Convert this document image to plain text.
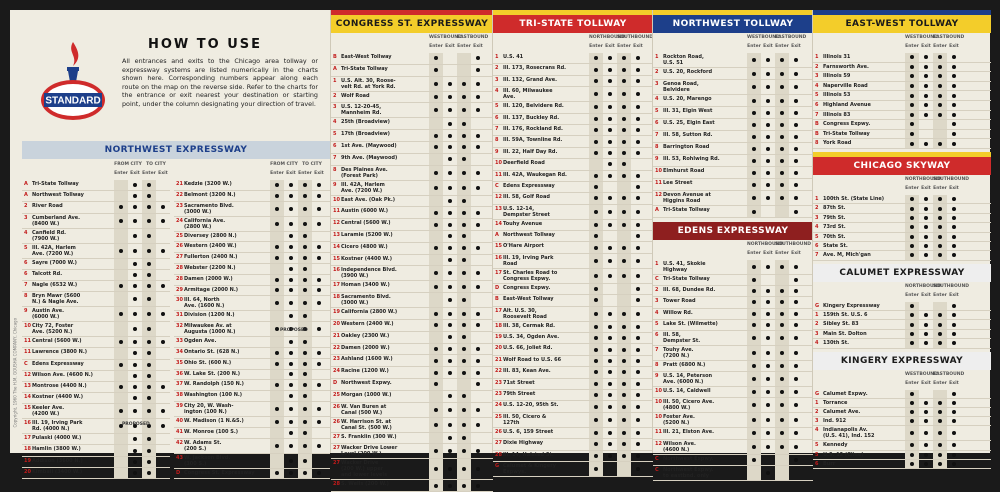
STANDARD
HOW TO USE
All entrances and exits to the Chicago area tollway or expressway systems are listed numerically in the charts shown here. Corresponding numbers appear along each route on the map on the reverse side. Refer to the charts for the entrance or exit nearest your destination or starting point, under the column designating your direction of travel.
Copyright, 1960 The H.M. GOUSHA COMPANY, Chicago
NORTHWEST EXPRESSWAY
FROM CITY TO CITY
Enter Exit Enter Exit
A Tri-State Tollway
A Northwest Tollway
2 River Road
3 Cumberland Ave.
(8400 W.)
4 Canfield Rd.
(7900 W.)
5 Ill. 42A, Harlem
Ave. (7200 W.)
6 Sayre (7000 W.)
6 Talcott Rd.
7 Nagle (6532 W.)
8 Bryn Mawr (5600
N.) & Nagle Ave.
9 Austin Ave.
(6000 W.)
10 City 72, Foster
Ave. (5200 N.)
11 Central (5600 W.)
11 Lawrence (3800 N.)
C Edens Expressway
12 Wilson Ave. (4600 N.)
13 Montrose (4400 N.)
14 Kostner (4400 W.)
15 Keeler Ave.
(4200 W.)
16 Ill. 19, Irving Park
Rd. (4000 N.)
17 Pulaski (4000 W.)
18 Hamlin (3800 W.)
19 Addison (3600 N.)
20 Kimball (3400 W.)
FROM CITY TO CITY
Enter Exit Enter Exit
21 Kedzie (3200 W.)
22 Belmont (3200 N.)
23 Sacramento Blvd.
(3000 W.)
24 California Ave.
(2800 W.)
25 Diversey (2800 N.)
26 Western (2400 W.)
27 Fullerton (2400 N.)
28 Webster (2200 N.)
28 Damen (2000 W.)
29 Armitage (2000 N.)
30 Ill. 64, North
Ave. (1600 N.)
31 Division (1200 N.)
32 Milwaukee Av. at
Augusta (1000 N.)
33 Ogden Ave.
34 Ontario St. (628 N.)
35 Ohio St. (600 N.)
36 W. Lake St. (200 N.)
37 W. Randolph (150 N.)
38 Washington (100 N.)
39 City 20, W. Wash-
ington (100 N.)
40 W. Madison (1 N.&S.)
41 W. Monroe (100 S.)
42 W. Adams St.
(200 S.)
43 W. Jackson Blvd.
(300 S.)
D Congress St. Expressway
PROPOSED
PROPOSED
CONGRESS ST. EXPRESSWAY
WESTBOUND
EASTBOUND
Enter Exit Enter Exit
B East-West Tollway
A Tri-State Tollway
1 U.S. Alt. 30, Roose-
velt Rd. at York Rd.
2 Wolf Road
3 U.S. 12-20-45,
Mannheim Rd.
4 25th (Broadview)
5 17th (Broadview)
6 1st Ave. (Maywood)
7 9th Ave. (Maywood)
8 Des Plaines Ave.
(Forest Park)
9 Ill. 42A, Harlem
Ave. (7200 W.)
10 East Ave. (Oak Pk.)
11 Austin (6000 W.)
12 Central (5600 W.)
13 Laramie (5200 W.)
14 Cicero (4800 W.)
15 Kostner (4400 W.)
16 Independence Blvd.
(3900 W.)
17 Homan (3400 W.)
18 Sacramento Blvd.
(3000 W.)
19 California (2800 W.)
20 Western (2400 W.)
21 Oakley (2300 W.)
22 Damen (2000 W.)
23 Ashland (1600 W.)
24 Racine (1200 W.)
D Northwest Expwy.
25 Morgan (1000 W.)
26 W. Van Buren at
Canal (500 W.)
26 W. Harrison St. at
Canal St. (500 W.)
27 S. Franklin (300 W.)
27 Wacker Drive Lower
Level (200 W.)
27 Wacker Drive
(200 W.) upper
and lower levels
28 S. Wells (200 W.)
TRI-STATE TOLLWAY
NORTHBOUND
SOUTHBOUND
Enter Exit Enter Exit
1 U.S. 41
2 Ill. 173, Rosecrans Rd.
3 Ill. 132, Grand Ave.
4 Ill. 60, Milwaukee
Ave.
5 Ill. 120, Belvidere Rd.
6 Ill. 137, Buckley Rd.
7 Ill. 176, Rockland Rd.
8 Ill. 59A, Townline Rd.
9 Ill. 22, Half Day Rd.
10 Deerfield Road
11 Ill. 42A, Waukegan Rd.
C Edens Expressway
12 Ill. 58, Golf Road
13 U.S. 12-14,
Dempster Street
14 Touhy Avenue
A Northwest Tollway
15 O'Hare Airport
16 Ill. 19, Irving Park
Road
17 St. Charles Road to
Congress Expwy.
D Congress Expwy.
B East-West Tollway
17 Alt. U.S. 30,
Roosevelt Road
18 Ill. 38, Cermak Rd.
19 U.S. 34, Ogden Ave.
20 U.S. 66, Joliet Rd.
21 Wolf Road to U.S. 66
22 Ill. 83, Kean Ave.
23 71st Street
23 79th Street
24 U.S. 12-20, 95th St.
25 Ill. 50, Cicero &
127th
26 U.S. 6, 159 Street
27 Dixie Highway
28 Ill. 14, Halsted St.
G Calumet & Kingery
Expwys.
NORTHWEST TOLLWAY
WESTBOUND
EASTBOUND
Enter Exit Enter Exit
1 Rockton Road,
U.S. 51
2 U.S. 20, Rockford
3 Genoa Road,
Belvidere
4 U.S. 20, Marengo
5 Ill. 31, Elgin West
6 U.S. 25, Elgin East
7 Ill. 58, Sutton Rd.
8 Barrington Road
9 Ill. 53, Rohlwing Rd.
10 Elmhurst Road
11 Lee Street
12 Devon Avenue at
Higgins Road
A Tri-State Tollway
EDENS EXPRESSWAY
NORTHBOUND
SOUTHBOUND
Enter Exit Enter Exit
1 U.S. 41, Skokie
Highway
C Tri-State Tollway
2 Ill. 68, Dundee Rd.
3 Tower Road
4 Willow Rd.
5 Lake St. (Wilmette)
6 Ill. 58,
Dempster St.
7 Touhy Ave.
(7200 N.)
8 Pratt (6800 N.)
9 U.S. 14, Peterson
Ave. (6000 N.)
10 U.S. 14, Caldwell
10 Ill. 50, Cicero Ave.
(4800 W.)
10 Foster Ave.
(5200 N.)
11 Ill. 21, Elston Ave.
12 Wilson Ave.
(4600 N.)
C Northwest Expwy.
C Northwest Expwy.
to eastbnd. only
EAST-WEST TOLLWAY
WESTBOUND
EASTBOUND
Enter Exit Enter Exit
1 Illinois 31
2 Farnsworth Ave.
3 Illinois 59
4 Naperville Road
5 Illinois 53
6 Highland Avenue
7 Illinois 83
B Congress Expwy.
B Tri-State Tollway
8 York Road
CHICAGO SKYWAY
NORTHBOUND
SOUTHBOUND
Enter Exit Enter Exit
1 100th St. (State Line)
2 87th St.
3 79th St.
4 73rd St.
5 70th St.
6 State St.
7 Ave. M, Mich'gan
CALUMET EXPRESSWAY
NORTHBOUND
SOUTHBOUND
Enter Exit Enter Exit
G Kingery Expressway
1 159th St. U.S. 6
2 Sibley St. 83
3 Main St. Dolton
4 130th St.
KINGERY EXPRESSWAY
WESTBOUND
EASTBOUND
Enter Exit Enter Exit
G Calumet Expwy.
1 Torrance
2 Calumet Ave.
3 Ind. 912
4 Indianapolis Av.
(U.S. 41), Ind. 152
5 Kennedy
5 U.S. 12 (Cline)
6 Burr
